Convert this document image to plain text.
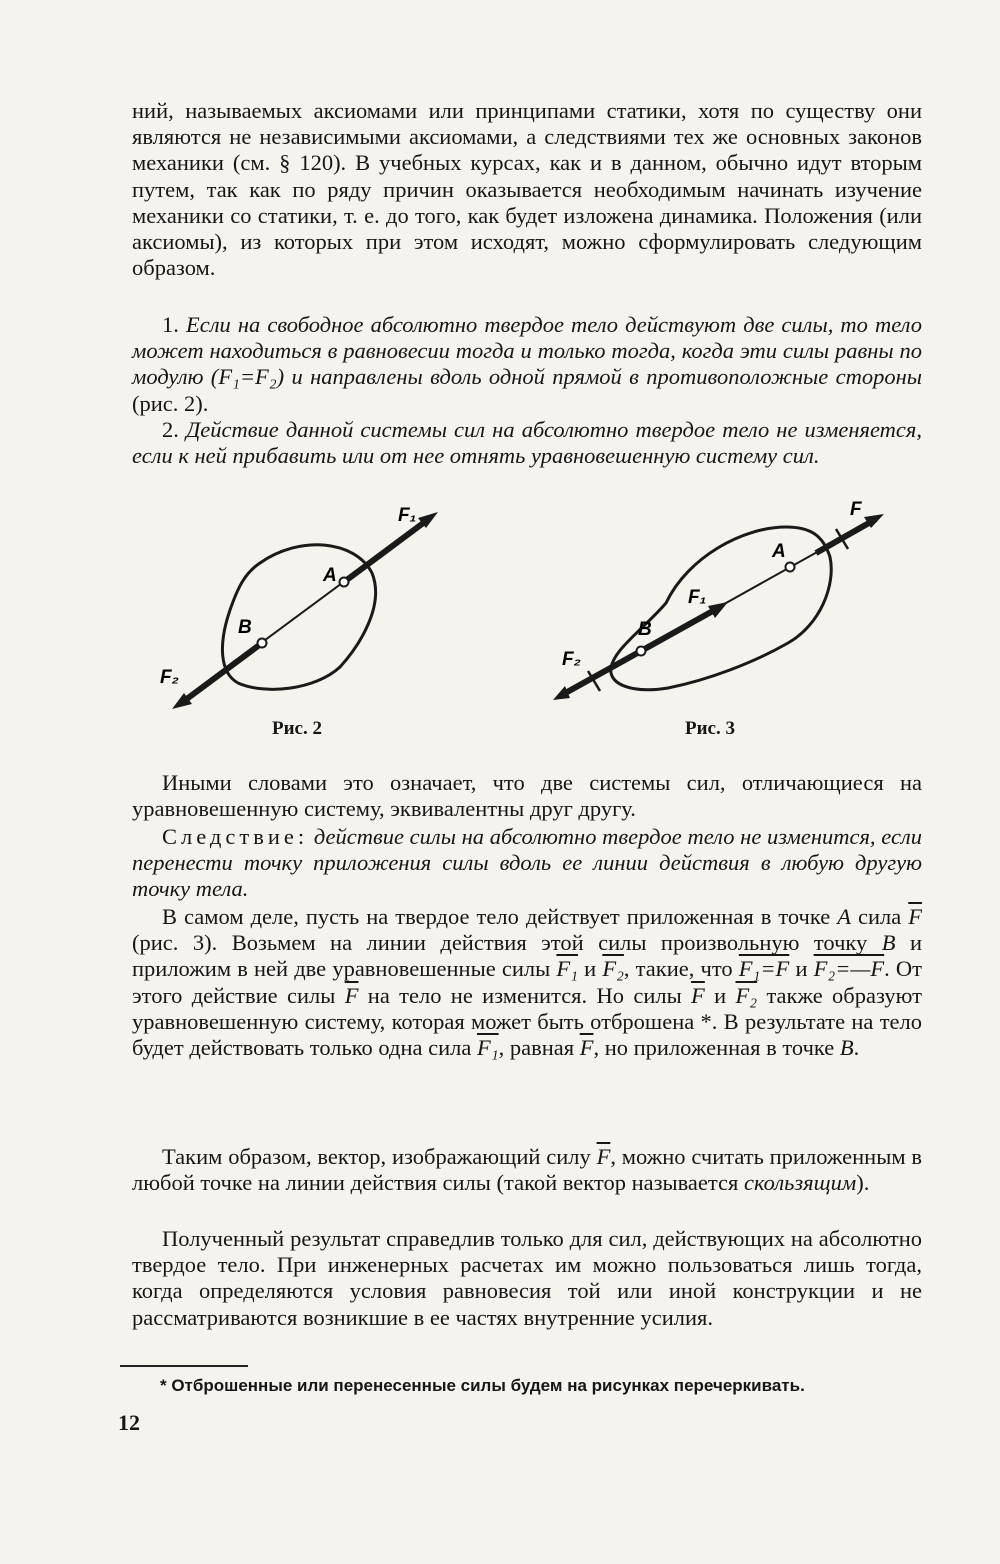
ний, называемых аксиомами или принципами статики, хотя по существу они являются не независимыми аксиомами, а следствиями тех же основных законов механики (см. § 120). В учебных курсах, как и в данном, обычно идут вторым путем, так как по ряду причин оказывается необходимым начинать изучение механики со статики, т. е. до того, как будет изложена динамика. Положения (или аксиомы), из которых при этом исходят, можно сформулировать следующим образом.

1. Если на свободное абсолютно твердое тело действуют две силы, то тело может находиться в равновесии тогда и только тогда, когда эти силы равны по модулю (F₁=F₂) и направлены вдоль одной прямой в противоположные стороны (рис. 2).

2. Действие данной системы сил на абсолютно твердое тело не изменяется, если к ней прибавить или от нее отнять уравновешенную систему сил.

F₁
F₂
A
B
Рис. 2
F
F₁
F₂
A
B
Рис. 3

Иными словами это означает, что две системы сил, отличающиеся на уравновешенную систему, эквивалентны друг другу.

Следствие: действие силы на абсолютно твердое тело не изменится, если перенести точку приложения силы вдоль ее линии действия в любую другую точку тела.

В самом деле, пусть на твердое тело действует приложенная в точке A сила $\overline{F}$ (рис. 3). Возьмем на линии действия этой силы произвольную точку B и приложим в ней две уравновешенные силы F₁ и F₂, такие, что F₁=F и F₂=—F. От этого действие силы $\overline{F}$ на тело не изменится. Но силы $\overline{F}$ и F₂ также образуют уравновешенную систему, которая может быть отброшена *. В результате на тело будет действовать только одна сила F₁, равная $\overline{F}$, но приложенная в точке B.

Таким образом, вектор, изображающий силу $\overline{F}$, можно считать приложенным в любой точке на линии действия силы (такой вектор называется скользящим).

Полученный результат справедлив только для сил, действующих на абсолютно твердое тело. При инженерных расчетах им можно пользоваться лишь тогда, когда определяются условия равновесия той или иной конструкции и не рассматриваются возникшие в ее частях внутренние усилия.

* Отброшенные или перенесенные силы будем на рисунках перечеркивать.
12
